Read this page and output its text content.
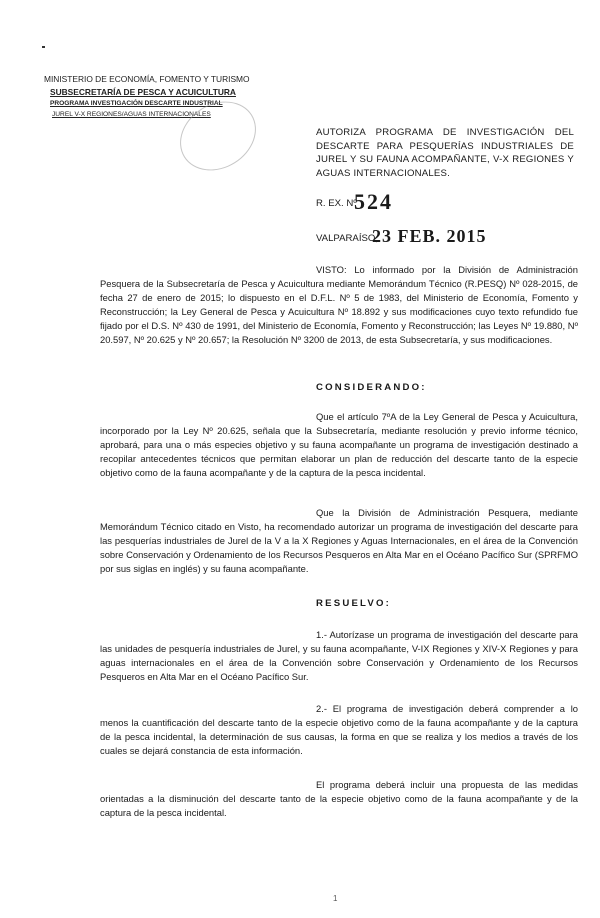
MINISTERIO DE ECONOMÍA, FOMENTO Y TURISMO
SUBSECRETARÍA DE PESCA Y ACUICULTURA
PROGRAMA INVESTIGACIÓN DESCARTE INDUSTRIAL
JUREL V-X REGIONES/AGUAS INTERNACIONALES
AUTORIZA PROGRAMA DE INVESTIGACIÓN DEL DESCARTE PARA PESQUERÍAS INDUSTRIALES DE JUREL Y SU FAUNA ACOMPAÑANTE, V-X REGIONES Y AGUAS INTERNACIONALES.
R. EX. Nº
524
VALPARAÍSO,
23 FEB. 2015
VISTO: Lo informado por la División de Administración Pesquera de la Subsecretaría de Pesca y Acuicultura mediante Memorándum Técnico (R.PESQ) Nº 028-2015, de fecha 27 de enero de 2015; lo dispuesto en el D.F.L. Nº 5 de 1983, del Ministerio de Economía, Fomento y Reconstrucción; la Ley General de Pesca y Acuicultura Nº 18.892 y sus modificaciones cuyo texto refundido fue fijado por el D.S. Nº 430 de 1991, del Ministerio de Economía, Fomento y Reconstrucción; las Leyes Nº 19.880, Nº 20.597, Nº 20.625 y Nº 20.657; la Resolución Nº 3200 de 2013, de esta Subsecretaría, y sus modificaciones.
CONSIDERANDO:
Que el artículo 7ºA de la Ley General de Pesca y Acuicultura, incorporado por la Ley Nº 20.625, señala que la Subsecretaría, mediante resolución y previo informe técnico, aprobará, para una o más especies objetivo y su fauna acompañante un programa de investigación destinado a recopilar antecedentes técnicos que permitan elaborar un plan de reducción del descarte tanto de la especie objetivo como de la fauna acompañante y de la captura de la pesca incidental.
Que la División de Administración Pesquera, mediante Memorándum Técnico citado en Visto, ha recomendado autorizar un programa de investigación del descarte para las pesquerías industriales de Jurel de la V a la X Regiones y Aguas Internacionales, en el área de la Convención sobre Conservación y Ordenamiento de los Recursos Pesqueros en Alta Mar en el Océano Pacífico Sur (SPRFMO por sus siglas en inglés) y su fauna acompañante.
RESUELVO:
1.- Autorízase un programa de investigación del descarte para las unidades de pesquería industriales de Jurel, y su fauna acompañante, V-IX Regiones y XIV-X Regiones y para aguas internacionales en el área de la Convención sobre Conservación y Ordenamiento de los Recursos Pesqueros en Alta Mar en el Océano Pacífico Sur.
2.- El programa de investigación deberá comprender a lo menos la cuantificación del descarte tanto de la especie objetivo como de la fauna acompañante y de la captura de la pesca incidental, la determinación de sus causas, la forma en que se realiza y los medios a través de los cuales se dejará constancia de esta información.
El programa deberá incluir una propuesta de las medidas orientadas a la disminución del descarte tanto de la especie objetivo como de la fauna acompañante y de la captura de la pesca incidental.
1
